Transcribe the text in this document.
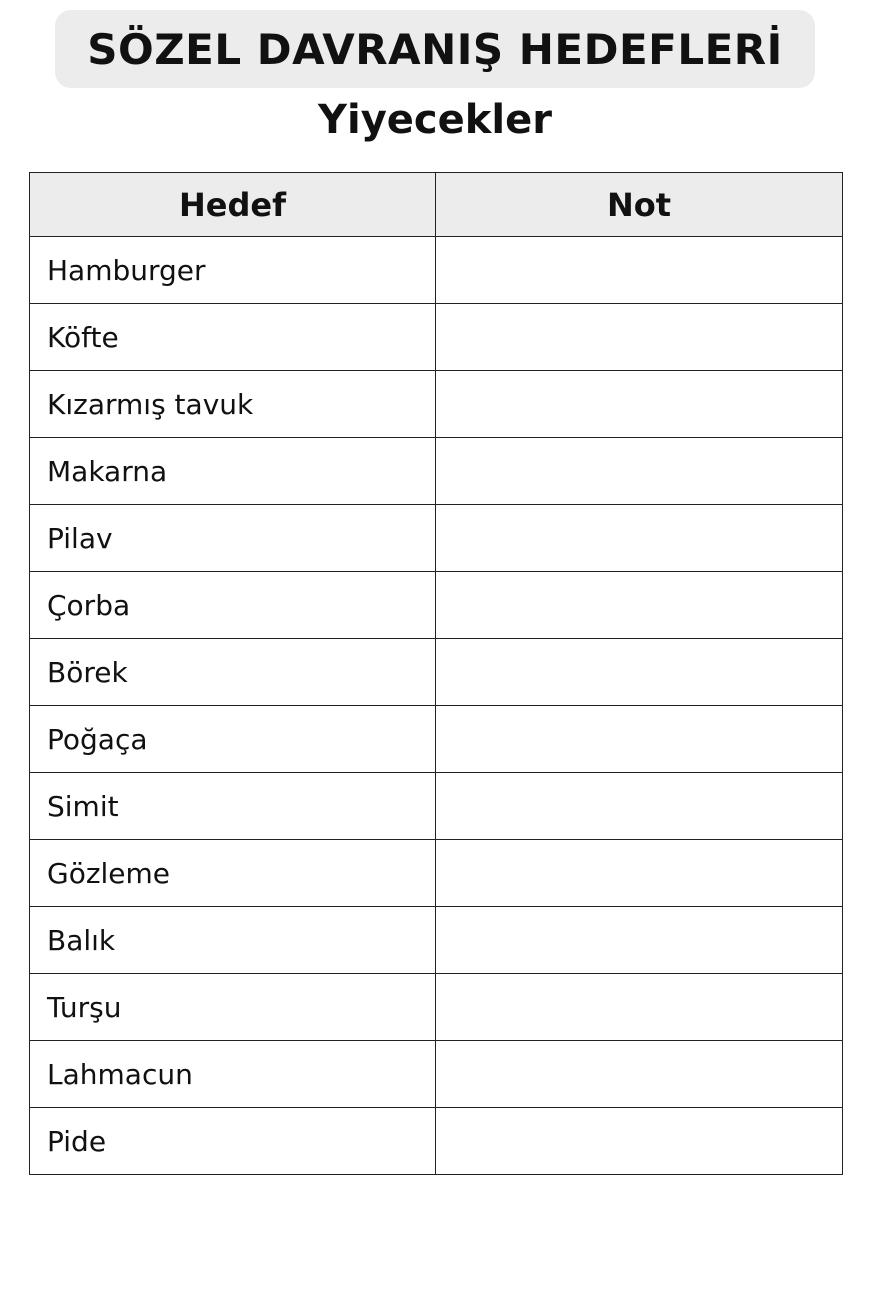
SÖZEL DAVRANIŞ HEDEFLERİ
Yiyecekler
Hedef	Not
Hamburger	
Köfte	
Kızarmış tavuk	
Makarna	
Pilav	
Çorba	
Börek	
Poğaça	
Simit	
Gözleme	
Balık	
Turşu	
Lahmacun	
Pide	
